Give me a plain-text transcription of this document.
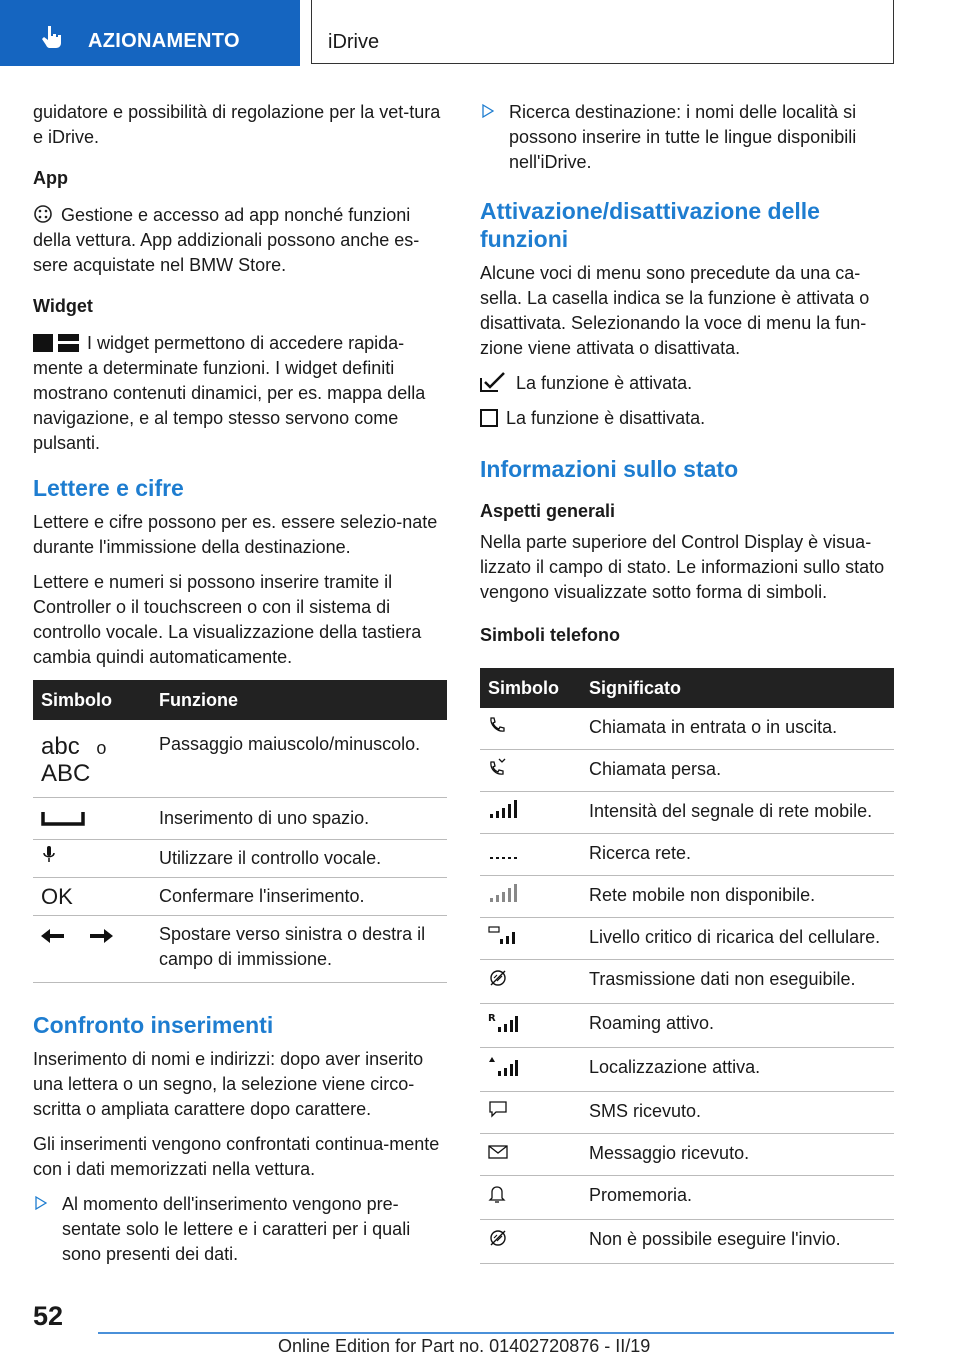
AZIONAMENTO	iDrive

guidatore e possibilità di regolazione per la vet-tura e iDrive.

App

Gestione e accesso ad app nonché funzioni della vettura. App addizionali possono anche es-sere acquistate nel BMW Store.

Widget

I widget permettono di accedere rapida-mente a determinate funzioni. I widget definiti mostrano contenuti dinamici, per es. mappa della navigazione, e al tempo stesso servono come pulsanti.

Lettere e cifre

Lettere e cifre possono per es. essere selezio-nate durante l'immissione della destinazione.

Lettere e numeri si possono inserire tramite il Controller o il touchscreen o con il sistema di controllo vocale. La visualizzazione della tastiera cambia quindi automaticamente.

Simbolo	Funzione
abc o
ABC	Passaggio maiuscolo/minuscolo.
	Inserimento di uno spazio.
	Utilizzare il controllo vocale.
OK	Confermare l'inserimento.
	Spostare verso sinistra o destra il campo di immissione.
Confronto inserimenti

Inserimento di nomi e indirizzi: dopo aver inserito una lettera o un segno, la selezione viene circo-scritta o ampliata carattere dopo carattere.

Gli inserimenti vengono confrontati continua-mente con i dati memorizzati nella vettura.

Al momento dell'inserimento vengono pre-sentate solo le lettere e i caratteri per i quali sono presenti dei dati.
Ricerca destinazione: i nomi delle località si possono inserire in tutte le lingue disponibili nell'iDrive.
Attivazione/disattivazione delle funzioni

Alcune voci di menu sono precedute da una ca-sella. La casella indica se la funzione è attivata o disattivata. Selezionando la voce di menu la fun-zione viene attivata o disattivata.

La funzione è attivata.

La funzione è disattivata.

Informazioni sullo stato
Aspetti generali

Nella parte superiore del Control Display è visua-lizzato il campo di stato. Le informazioni sullo stato vengono visualizzate sotto forma di simboli.

Simboli telefono
Simbolo	Significato
	Chiamata in entrata o in uscita.
	Chiamata persa.
	Intensità del segnale di rete mobile.
	Ricerca rete.
	Rete mobile non disponibile.
	Livello critico di ricarica del cellulare.
	Trasmissione dati non eseguibile.

R	Roaming attivo.
	Localizzazione attiva.
	SMS ricevuto.
	Messaggio ricevuto.
	Promemoria.
	Non è possibile eseguire l'invio.
52
Online Edition for Part no. 01402720876 - II/19
